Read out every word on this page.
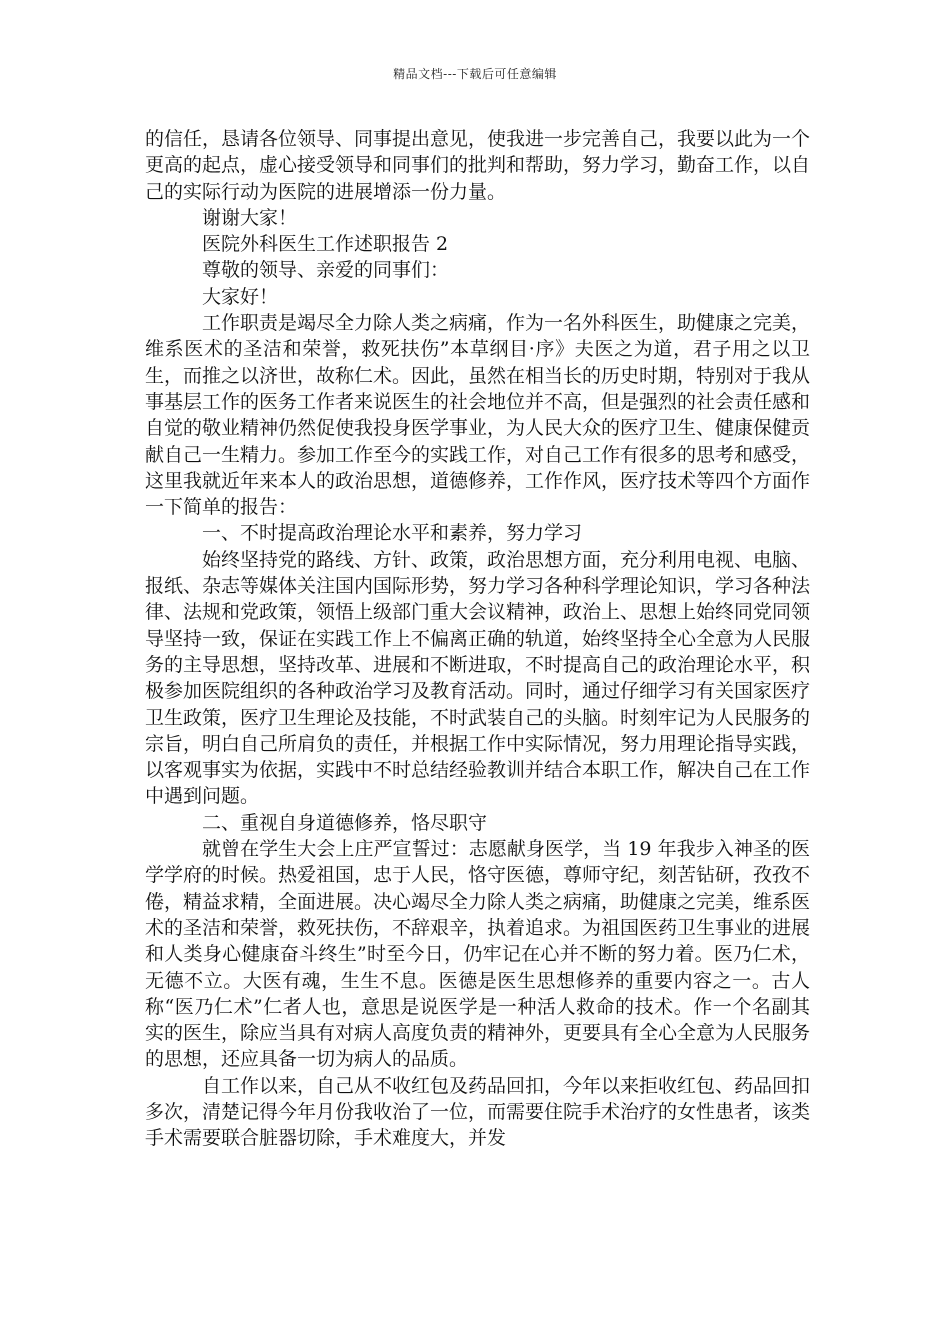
精品文档---下载后可任意编辑

的信任，恳请各位领导、同事提出意见，使我进一步完善自己，我要以此为一个更高的起点，虚心接受领导和同事们的批判和帮助，努力学习，勤奋工作，以自己的实际行动为医院的进展增添一份力量。

谢谢大家！

医院外科医生工作述职报告 2

尊敬的领导、亲爱的同事们：

大家好！

工作职责是竭尽全力除人类之病痛，作为一名外科医生，助健康之完美，维系医术的圣洁和荣誉，救死扶伤”本草纲目·序》夫医之为道，君子用之以卫生，而推之以济世，故称仁术。因此，虽然在相当长的历史时期，特别对于我从事基层工作的医务工作者来说医生的社会地位并不高，但是强烈的社会责任感和自觉的敬业精神仍然促使我投身医学事业，为人民大众的医疗卫生、健康保健贡献自己一生精力。参加工作至今的实践工作，对自己工作有很多的思考和感受，这里我就近年来本人的政治思想，道德修养，工作作风，医疗技术等四个方面作一下简单的报告：

一、不时提高政治理论水平和素养，努力学习

始终坚持党的路线、方针、政策，政治思想方面，充分利用电视、电脑、报纸、杂志等媒体关注国内国际形势，努力学习各种科学理论知识，学习各种法律、法规和党政策，领悟上级部门重大会议精神，政治上、思想上始终同党同领导坚持一致，保证在实践工作上不偏离正确的轨道，始终坚持全心全意为人民服务的主导思想，坚持改革、进展和不断进取，不时提高自己的政治理论水平，积极参加医院组织的各种政治学习及教育活动。同时，通过仔细学习有关国家医疗卫生政策，医疗卫生理论及技能，不时武装自己的头脑。时刻牢记为人民服务的宗旨，明白自己所肩负的责任，并根据工作中实际情况，努力用理论指导实践，以客观事实为依据，实践中不时总结经验教训并结合本职工作，解决自己在工作中遇到问题。

二、重视自身道德修养，恪尽职守

就曾在学生大会上庄严宣誓过：志愿献身医学，当 19 年我步入神圣的医学学府的时候。热爱祖国，忠于人民，恪守医德，尊师守纪，刻苦钻研，孜孜不倦，精益求精，全面进展。决心竭尽全力除人类之病痛，助健康之完美，维系医术的圣洁和荣誉，救死扶伤，不辞艰辛，执着追求。为祖国医药卫生事业的进展和人类身心健康奋斗终生”时至今日，仍牢记在心并不断的努力着。医乃仁术，无德不立。大医有魂，生生不息。医德是医生思想修养的重要内容之一。古人称“医乃仁术”仁者人也，意思是说医学是一种活人救命的技术。作一个名副其实的医生，除应当具有对病人高度负责的精神外，更要具有全心全意为人民服务的思想，还应具备一切为病人的品质。

自工作以来，自己从不收红包及药品回扣，今年以来拒收红包、药品回扣多次，清楚记得今年月份我收治了一位，而需要住院手术治疗的女性患者，该类手术需要联合脏器切除，手术难度大，并发
